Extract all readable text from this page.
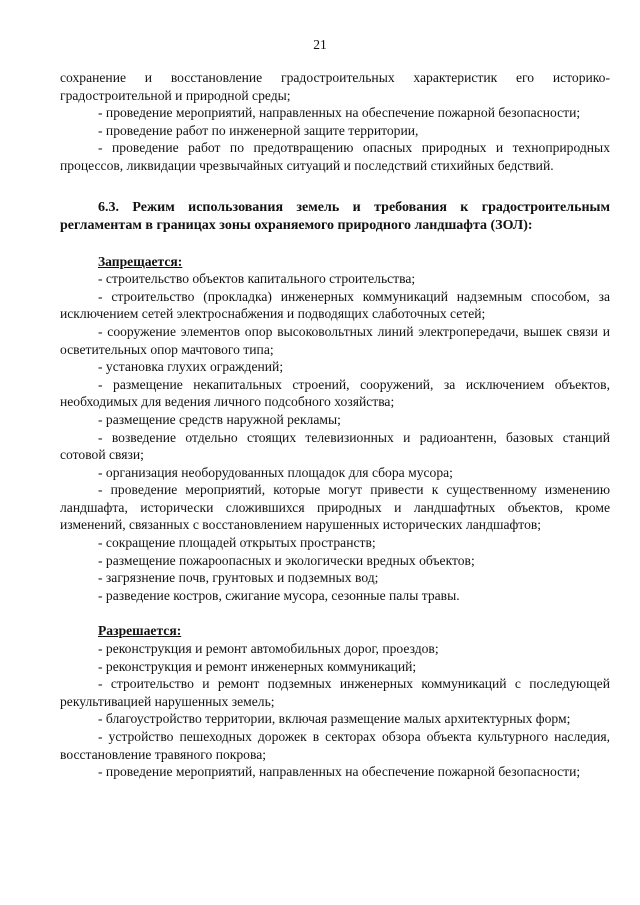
21

сохранение и восстановление градостроительных характеристик его историко-градостроительной и природной среды;

- проведение мероприятий, направленных на обеспечение пожарной безопасности;

- проведение работ по инженерной защите территории,

- проведение работ по предотвращению опасных природных и технoприродных процессов, ликвидации чрезвычайных ситуаций и последствий стихийных бедствий.

6.3. Режим использования земель и требования к градостроительным регламентам в границах зоны охраняемого природного ландшафта (ЗОЛ):

Запрещается:

- строительство объектов капитального строительства;

- строительство (прокладка) инженерных коммуникаций надземным способом, за исключением сетей электроснабжения и подводящих слаботочных сетей;

- сооружение элементов опор высоковольтных линий электропередачи, вышек связи и осветительных опор мачтового типа;

- установка глухих ограждений;

- размещение некапитальных строений, сооружений, за исключением объектов, необходимых для ведения личного подсобного хозяйства;

- размещение средств наружной рекламы;

- возведение отдельно стоящих телевизионных и радиоантенн, базовых станций сотовой связи;

- организация необорудованных площадок для сбора мусора;

- проведение мероприятий, которые могут привести к существенному изменению ландшафта, исторически сложившихся природных и ландшафтных объектов, кроме изменений, связанных с восстановлением нарушенных исторических ландшафтов;

- сокращение площадей открытых пространств;

- размещение пожароопасных и экологически вредных объектов;

- загрязнение почв, грунтовых и подземных вод;

- разведение костров, сжигание мусора, сезонные палы травы.

Разрешается:

- реконструкция и ремонт автомобильных дорог, проездов;

- реконструкция и ремонт инженерных коммуникаций;

- строительство и ремонт подземных инженерных коммуникаций с последующей рекультивацией нарушенных земель;

- благоустройство территории, включая размещение малых архитектурных форм;

- устройство пешеходных дорожек в секторах обзора объекта культурного наследия, восстановление травяного покрова;

- проведение мероприятий, направленных на обеспечение пожарной безопасности;
